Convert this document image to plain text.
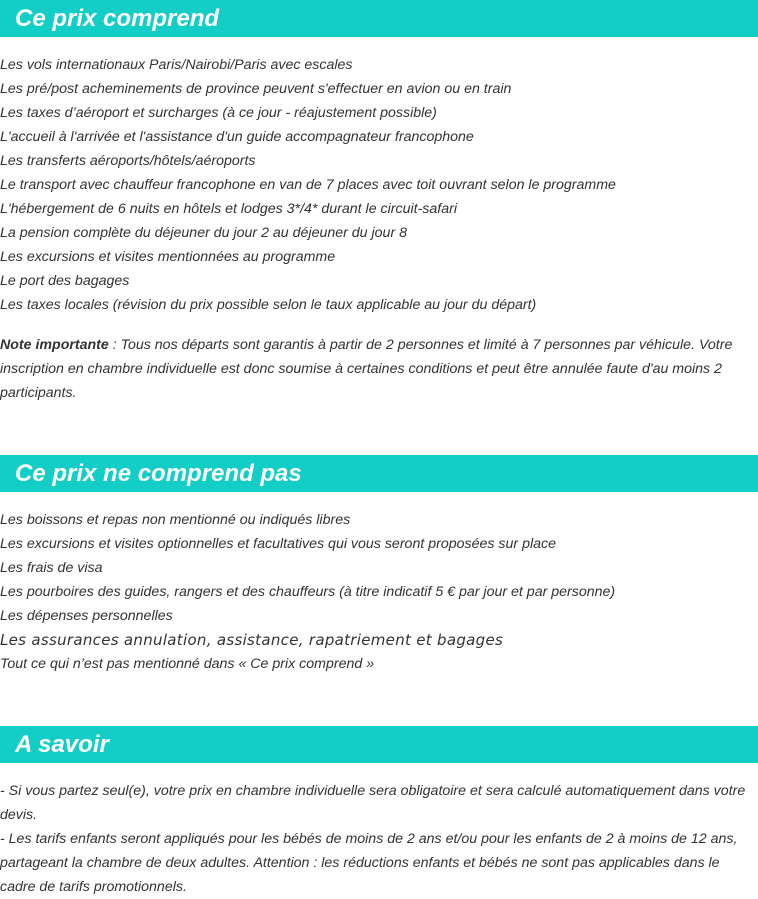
Ce prix comprend
Les vols internationaux Paris/Nairobi/Paris avec escales
Les pré/post acheminements de province peuvent s'effectuer en avion ou en train
Les taxes d’aéroport et surcharges (à ce jour - réajustement possible)
L'accueil à l'arrivée et l'assistance d'un guide accompagnateur francophone
Les transferts aéroports/hôtels/aéroports
Le transport avec chauffeur francophone en van de 7 places avec toit ouvrant selon le programme
L'hébergement de 6 nuits en hôtels et lodges 3*/4* durant le circuit-safari
La pension complète du déjeuner du jour 2 au déjeuner du jour 8
Les excursions et visites mentionnées au programme
Le port des bagages
Les taxes locales (révision du prix possible selon le taux applicable au jour du départ)

Note importante : Tous nos départs sont garantis à partir de 2 personnes et limité à 7 personnes par véhicule. Votre inscription en chambre individuelle est donc soumise à certaines conditions et peut être annulée faute d'au moins 2 participants.

Ce prix ne comprend pas
Les boissons et repas non mentionné ou indiqués libres
Les excursions et visites optionnelles et facultatives qui vous seront proposées sur place
Les frais de visa
Les pourboires des guides, rangers et des chauffeurs (à titre indicatif 5 € par jour et par personne)
Les dépenses personnelles
Les assurances annulation, assistance, rapatriement et bagages
Tout ce qui n’est pas mentionné dans « Ce prix comprend »
A savoir

- Si vous partez seul(e), votre prix en chambre individuelle sera obligatoire et sera calculé automatiquement dans votre devis.

- Les tarifs enfants seront appliqués pour les bébés de moins de 2 ans et/ou pour les enfants de 2 à moins de 12 ans, partageant la chambre de deux adultes. Attention : les réductions enfants et bébés ne sont pas applicables dans le cadre de tarifs promotionnels.
